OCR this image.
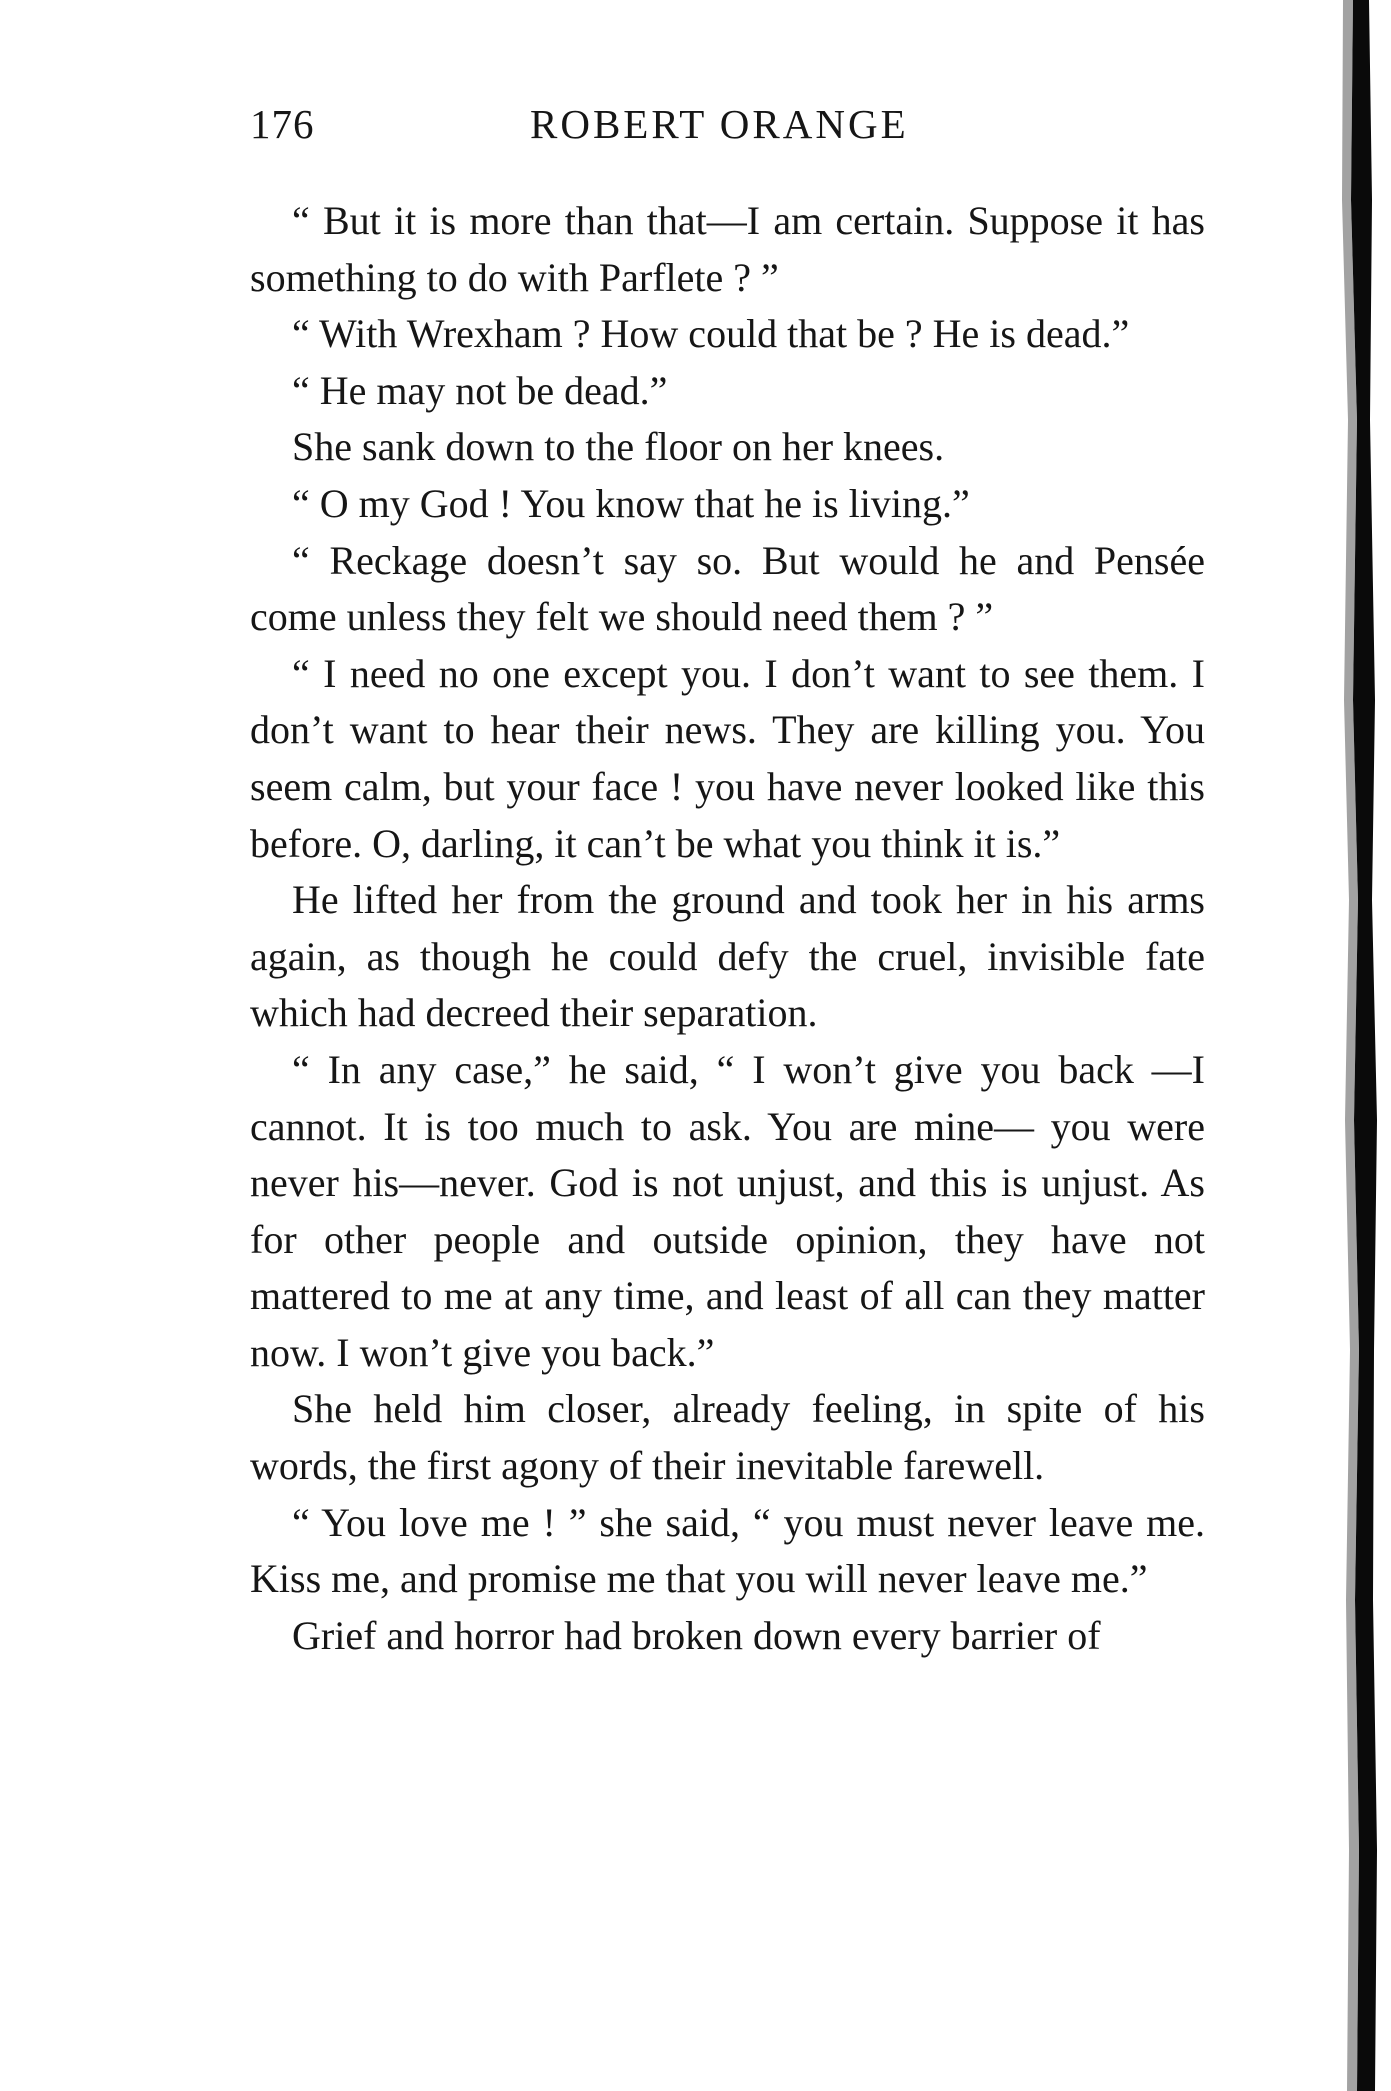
176	ROBERT ORANGE

“ But it is more than that—I am certain. Suppose it has something to do with Parflete ? ”

“ With Wrexham ? How could that be ? He is dead.”

“ He may not be dead.”

She sank down to the floor on her knees.

“ O my God ! You know that he is living.”

“ Reckage doesn’t say so. But would he and Pensée come unless they felt we should need them ? ”

“ I need no one except you. I don’t want to see them. I don’t want to hear their news. They are killing you. You seem calm, but your face ! you have never looked like this before. O, darling, it can’t be what you think it is.”

He lifted her from the ground and took her in his arms again, as though he could defy the cruel, invisible fate which had decreed their separation.

“ In any case,” he said, “ I won’t give you back —I cannot. It is too much to ask. You are mine— you were never his—never. God is not unjust, and this is unjust. As for other people and outside opinion, they have not mattered to me at any time, and least of all can they matter now. I won’t give you back.”

She held him closer, already feeling, in spite of his words, the first agony of their inevitable farewell.

“ You love me ! ” she said, “ you must never leave me. Kiss me, and promise me that you will never leave me.”

Grief and horror had broken down every barrier of
